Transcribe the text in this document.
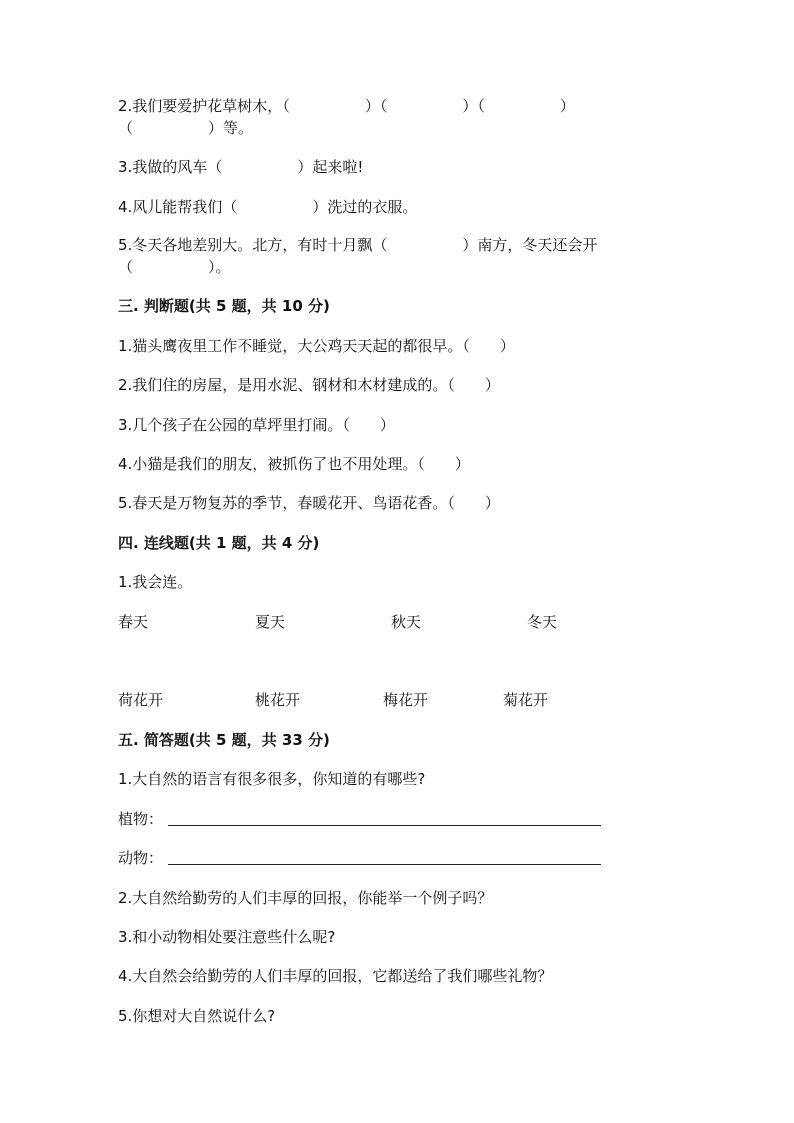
2.我们要爱护花草树木，（　　　　　）（　　　　　）（　　　　　）
（　　　　　）等。
3.我做的风车（　　　　　）起来啦!
4.风儿能帮我们（　　　　　）洗过的衣服。
5.冬天各地差别大。北方，有时十月飘（　　　　　）南方，冬天还会开
（　　　　　）。
三. 判断题(共 5 题，共 10 分)
1.猫头鹰夜里工作不睡觉，大公鸡天天起的都很早。（　　）
2.我们住的房屋，是用水泥、钢材和木材建成的。（　　）
3.几个孩子在公园的草坪里打闹。（　　）
4.小猫是我们的朋友，被抓伤了也不用处理。（　　）
5.春天是万物复苏的季节，春暖花开、鸟语花香。（　　）
四. 连线题(共 1 题，共 4 分)
1.我会连。
春天	夏天	秋天	冬天
荷花开	桃花开	梅花开	菊花开
五. 简答题(共 5 题，共 33 分)
1.大自然的语言有很多很多，你知道的有哪些?
植物：
动物：
2.大自然给勤劳的人们丰厚的回报，你能举一个例子吗？
3.和小动物相处要注意些什么呢?
4.大自然会给勤劳的人们丰厚的回报，它都送给了我们哪些礼物？
5.你想对大自然说什么?
